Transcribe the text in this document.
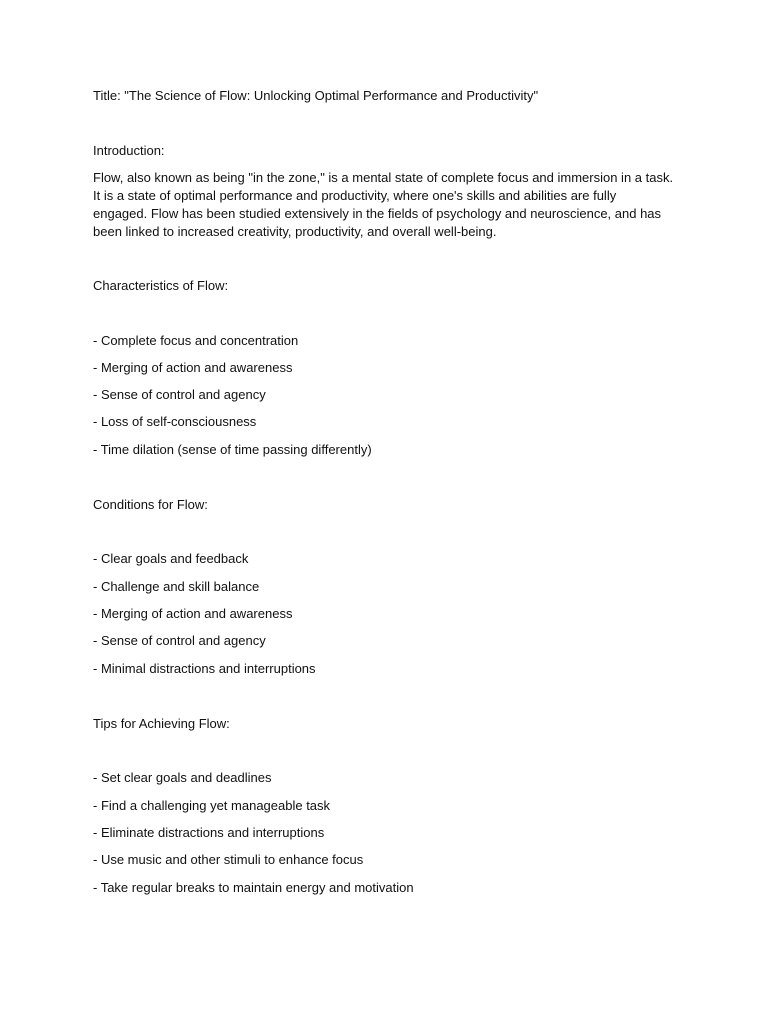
Title: "The Science of Flow: Unlocking Optimal Performance and Productivity"
Introduction:
Flow, also known as being "in the zone," is a mental state of complete focus and immersion in a task.
It is a state of optimal performance and productivity, where one's skills and abilities are fully
engaged. Flow has been studied extensively in the fields of psychology and neuroscience, and has
been linked to increased creativity, productivity, and overall well-being.
Characteristics of Flow:
- Complete focus and concentration
- Merging of action and awareness
- Sense of control and agency
- Loss of self-consciousness
- Time dilation (sense of time passing differently)
Conditions for Flow:
- Clear goals and feedback
- Challenge and skill balance
- Merging of action and awareness
- Sense of control and agency
- Minimal distractions and interruptions
Tips for Achieving Flow:
- Set clear goals and deadlines
- Find a challenging yet manageable task
- Eliminate distractions and interruptions
- Use music and other stimuli to enhance focus
- Take regular breaks to maintain energy and motivation
